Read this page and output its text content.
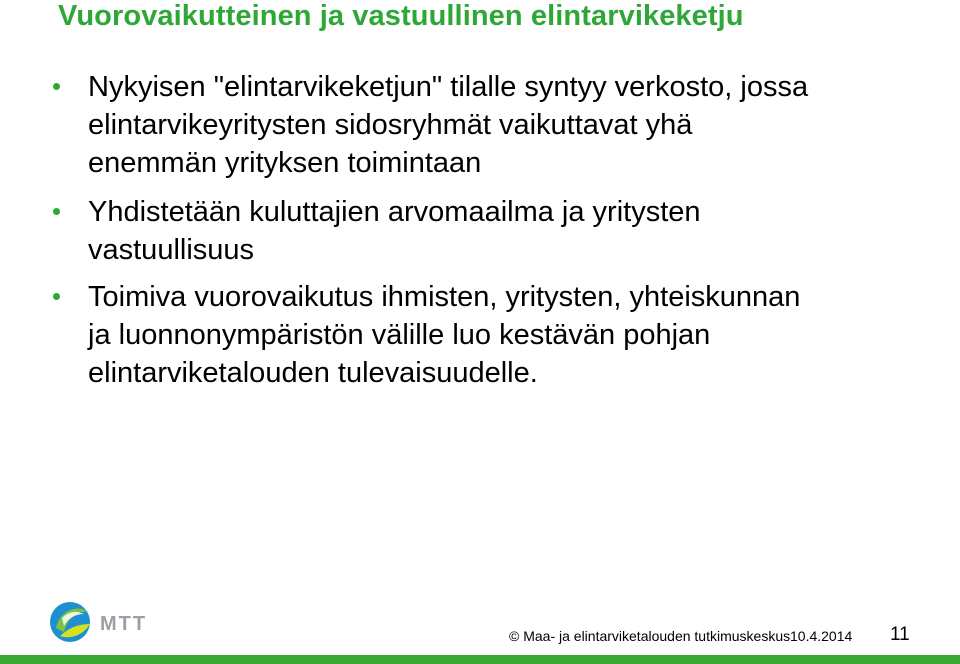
Vuorovaikutteinen ja vastuullinen elintarvikeketju
Nykyisen "elintarvikeketjun" tilalle syntyy verkosto, jossa
elintarvikeyritysten sidosryhmät vaikuttavat yhä
enemmän yrityksen toimintaan
Yhdistetään kuluttajien arvomaailma ja yritysten
vastuullisuus
Toimiva vuorovaikutus ihmisten, yritysten, yhteiskunnan
ja luonnonympäristön välille luo kestävän pohjan
elintarviketalouden tulevaisuudelle.
MTT
© Maa- ja elintarviketalouden tutkimuskeskus 10.4.2014 11
